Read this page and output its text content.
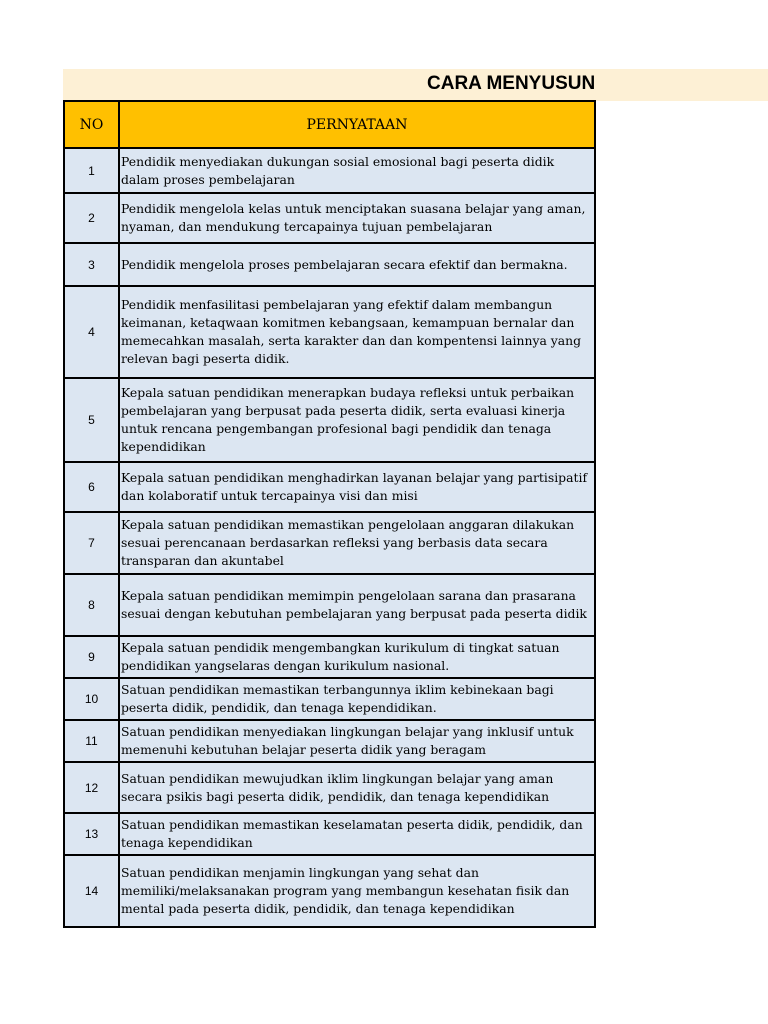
CARA MENYUSUN
NO	PERNYATAAN
1	Pendidik menyediakan dukungan sosial emosional bagi peserta didik dalam proses pembelajaran
2	Pendidik mengelola kelas untuk menciptakan suasana belajar yang aman, nyaman, dan mendukung tercapainya tujuan pembelajaran
3	Pendidik mengelola proses pembelajaran secara efektif dan bermakna.
4	Pendidik menfasilitasi pembelajaran yang efektif dalam membangun keimanan, ketaqwaan komitmen kebangsaan, kemampuan bernalar dan memecahkan masalah, serta karakter dan dan kompentensi lainnya yang relevan bagi peserta didik.
5	Kepala satuan pendidikan menerapkan budaya refleksi untuk perbaikan pembelajaran yang berpusat pada peserta didik, serta evaluasi kinerja untuk rencana pengembangan profesional bagi pendidik dan tenaga kependidikan
6	Kepala satuan pendidikan menghadirkan layanan belajar yang partisipatif dan kolaboratif untuk tercapainya visi dan misi
7	Kepala satuan pendidikan memastikan pengelolaan anggaran dilakukan sesuai perencanaan berdasarkan refleksi yang berbasis data secara transparan dan akuntabel
8	Kepala satuan pendidikan memimpin pengelolaan sarana dan prasarana sesuai dengan kebutuhan pembelajaran yang berpusat pada peserta didik
9	Kepala satuan pendidik mengembangkan kurikulum di tingkat satuan pendidikan yangselaras dengan kurikulum nasional.
10	Satuan pendidikan memastikan terbangunnya iklim kebinekaan bagi peserta didik, pendidik, dan tenaga kependidikan.
11	Satuan pendidikan menyediakan lingkungan belajar yang inklusif untuk memenuhi kebutuhan belajar peserta didik yang beragam
12	Satuan pendidikan mewujudkan iklim lingkungan belajar yang aman secara psikis bagi peserta didik, pendidik, dan tenaga kependidikan
13	Satuan pendidikan memastikan keselamatan peserta didik, pendidik, dan tenaga kependidikan
14	Satuan pendidikan menjamin lingkungan yang sehat dan memiliki/melaksanakan program yang membangun kesehatan fisik dan mental pada peserta didik, pendidik, dan tenaga kependidikan
